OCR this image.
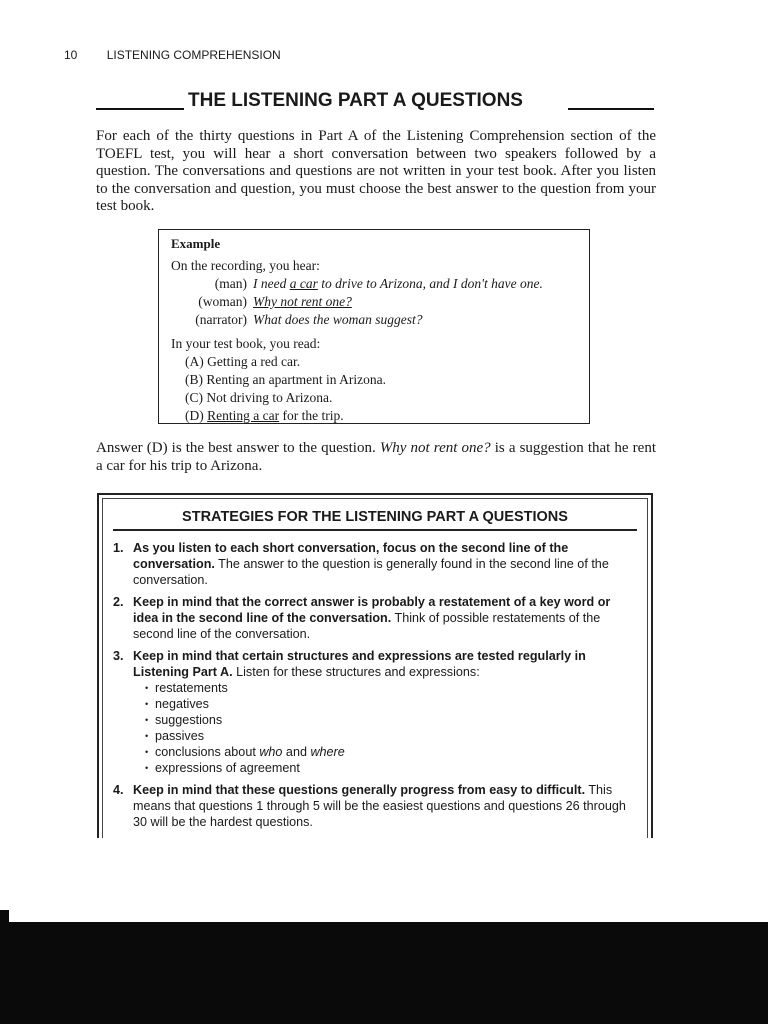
10 LISTENING COMPREHENSION
THE LISTENING PART A QUESTIONS

For each of the thirty questions in Part A of the Listening Comprehension section of the TOEFL test, you will hear a short conversation between two speakers followed by a question. The conversations and questions are not written in your test book. After you listen to the conversation and question, you must choose the best answer to the question from your test book.

Example
On the recording, you hear:
(man) I need a car to drive to Arizona, and I don't have one.
(woman) Why not rent one?
(narrator) What does the woman suggest?
In your test book, you read:
(A) Getting a red car.
(B) Renting an apartment in Arizona.
(C) Not driving to Arizona.
(D) Renting a car for the trip.

Answer (D) is the best answer to the question. Why not rent one? is a suggestion that he rent a car for his trip to Arizona.

STRATEGIES FOR THE LISTENING PART A QUESTIONS
1. As you listen to each short conversation, focus on the second line of the conversation. The answer to the question is generally found in the second line of the conversation.
2. Keep in mind that the correct answer is probably a restatement of a key word or idea in the second line of the conversation. Think of possible restatements of the second line of the conversation.
3. Keep in mind that certain structures and expressions are tested regularly in Listening Part A. Listen for these structures and expressions:
• restatements
• negatives
• suggestions
• passives
• conclusions about who and where
• expressions of agreement
4. Keep in mind that these questions generally progress from easy to difficult. This means that questions 1 through 5 will be the easiest questions and questions 26 through 30 will be the hardest questions.
